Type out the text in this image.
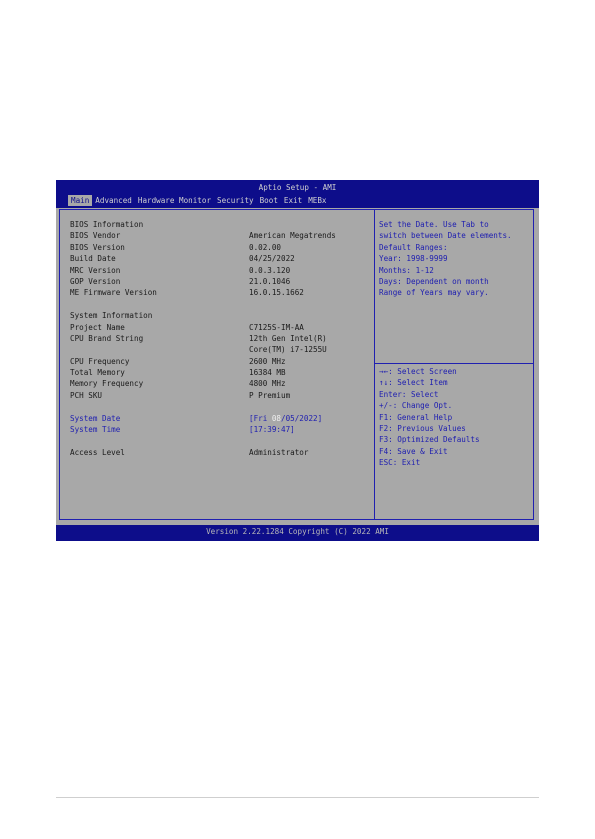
Aptio Setup - AMI
Main Advanced Hardware Monitor Security Boot Exit MEBx
BIOS Information

BIOS Vendor

	American Megatrends

BIOS Version

	0.02.00

Build Date

	04/25/2022

MRC Version

	0.0.3.120

GOP Version

	21.0.1046

ME Firmware Version

	16.0.15.1662

System Information

Project Name

	C7125S-IM-AA

CPU Brand String

	12th Gen Intel(R)

Core(TM) i7-1255U

CPU Frequency

	2600 MHz

Total Memory

	16384 MB

Memory Frequency

	4800 MHz

PCH SKU

	P Premium

System Date

	[Fri 08/05/2022]

System Time

	[17:39:47]

Access Level

	Administrator

Set the Date. Use Tab to
switch between Date elements.
Default Ranges:
Year: 1998-9999
Months: 1-12
Days: Dependent on month
Range of Years may vary.
→←: Select Screen
↑↓: Select Item
Enter: Select
+/-: Change Opt.
F1: General Help
F2: Previous Values
F3: Optimized Defaults
F4: Save & Exit
ESC: Exit
Version 2.22.1284 Copyright (C) 2022 AMI
